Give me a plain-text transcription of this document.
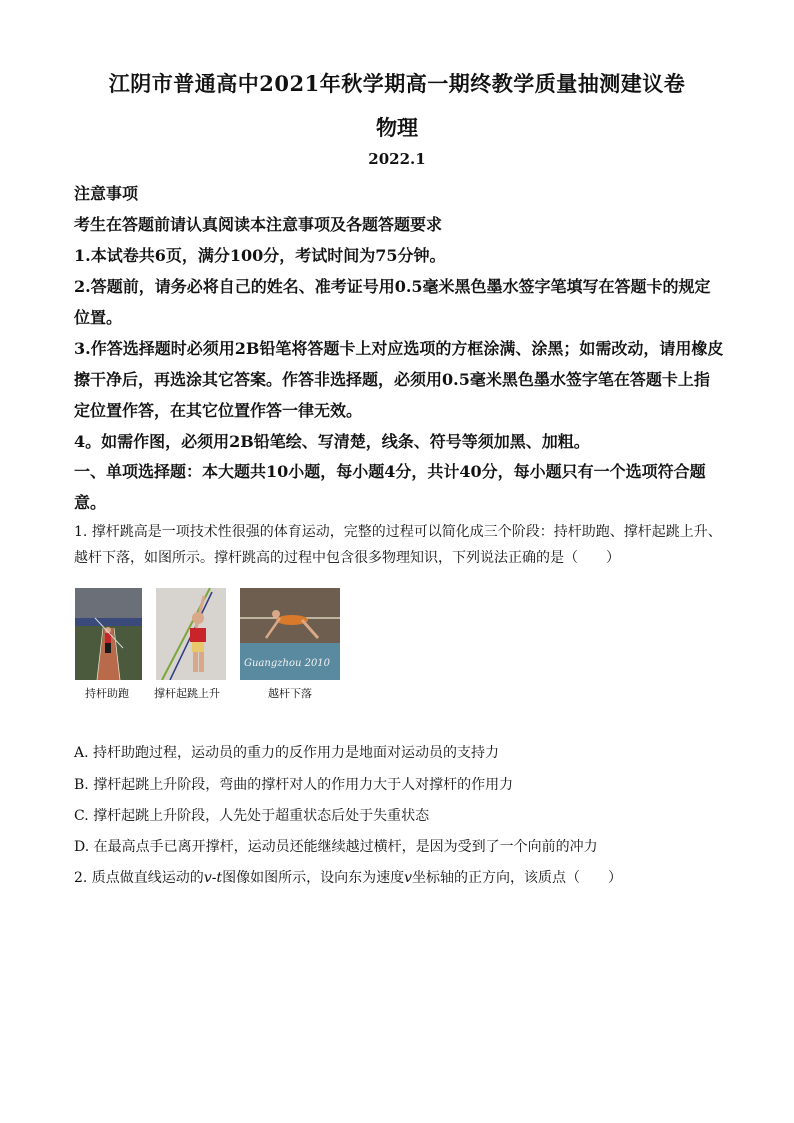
江阴市普通高中2021年秋学期高一期终教学质量抽测建议卷
物理
2022.1
注意事项
考生在答题前请认真阅读本注意事项及各题答题要求
1.本试卷共6页，满分100分，考试时间为75分钟。
2.答题前，请务必将自己的姓名、准考证号用0.5毫米黑色墨水签字笔填写在答题卡的规定
位置。
3.作答选择题时必须用2B铅笔将答题卡上对应选项的方框涂满、涂黑；如需改动，请用橡皮
擦干净后，再选涂其它答案。作答非选择题，必须用0.5毫米黑色墨水签字笔在答题卡上指
定位置作答，在其它位置作答一律无效。
4。如需作图，必须用2B铅笔绘、写清楚，线条、符号等须加黑、加粗。
一、单项选择题：本大题共10小题，每小题4分，共计40分，每小题只有一个选项符合题
意。
1. 撑杆跳高是一项技术性很强的体育运动，完整的过程可以简化成三个阶段：持杆助跑、撑杆起跳上升、
越杆下落，如图所示。撑杆跳高的过程中包含很多物理知识，下列说法正确的是（　　）
Guangzhou 2010
持杆助跑 撑杆起跳上升	越杆下落
A. 持杆助跑过程，运动员的重力的反作用力是地面对运动员的支持力
B. 撑杆起跳上升阶段，弯曲的撑杆对人的作用力大于人对撑杆的作用力
C. 撑杆起跳上升阶段，人先处于超重状态后处于失重状态
D. 在最高点手已离开撑杆，运动员还能继续越过横杆，是因为受到了一个向前的冲力
2. 质点做直线运动的v-t图像如图所示，设向东为速度v坐标轴的正方向，该质点（　　）
